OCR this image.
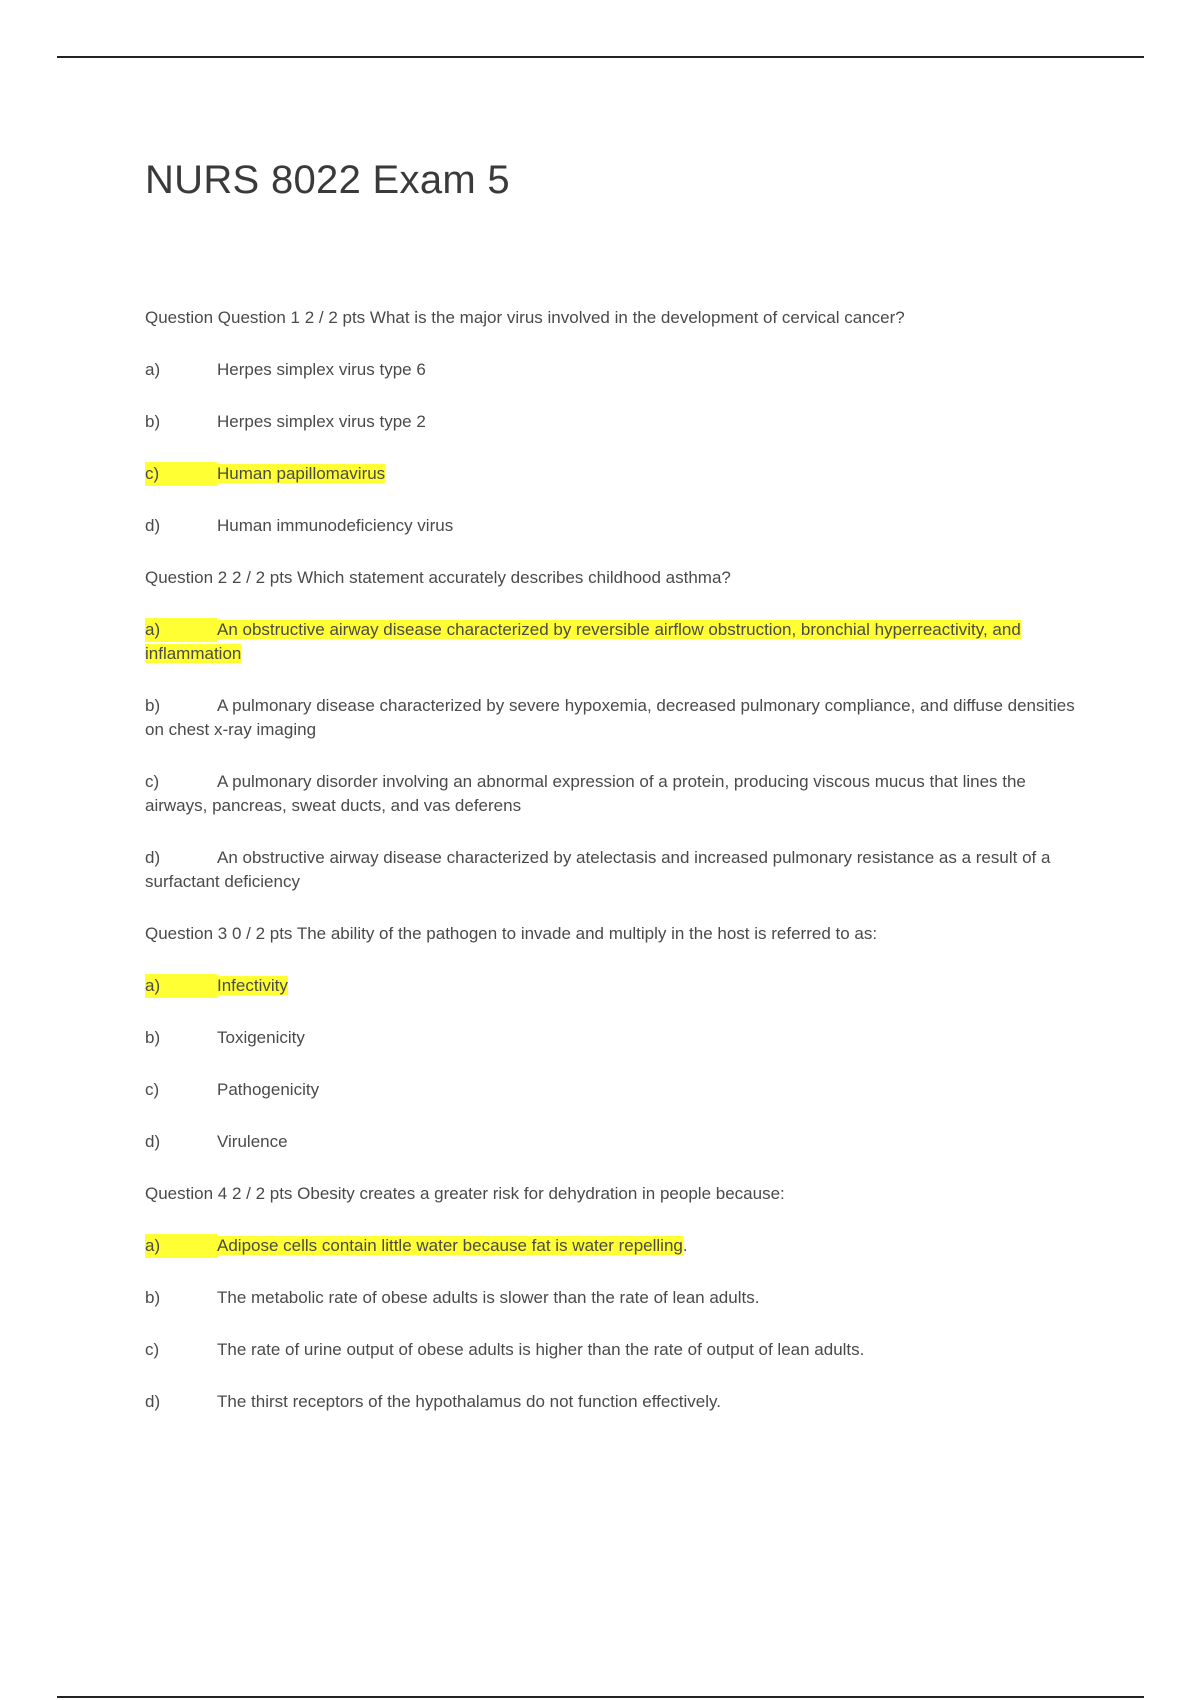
NURS 8022 Exam 5
Question Question 1 2 / 2 pts What is the major virus involved in the development of cervical cancer?
a)	Herpes simplex virus type 6
b)	Herpes simplex virus type 2
c)	Human papillomavirus
d)	Human immunodeficiency virus
Question 2 2 / 2 pts Which statement accurately describes childhood asthma?
a)	An obstructive airway disease characterized by reversible airflow obstruction, bronchial hyperreactivity, and inflammation
b)	A pulmonary disease characterized by severe hypoxemia, decreased pulmonary compliance, and diffuse densities on chest x-ray imaging
c)	A pulmonary disorder involving an abnormal expression of a protein, producing viscous mucus that lines the airways, pancreas, sweat ducts, and vas deferens
d)	An obstructive airway disease characterized by atelectasis and increased pulmonary resistance as a result of a surfactant deficiency
Question 3 0 / 2 pts The ability of the pathogen to invade and multiply in the host is referred to as:
a)	Infectivity
b)	Toxigenicity
c)	Pathogenicity
d)	Virulence
Question 4 2 / 2 pts Obesity creates a greater risk for dehydration in people because:
a)	Adipose cells contain little water because fat is water repelling.
b)	The metabolic rate of obese adults is slower than the rate of lean adults.
c)	The rate of urine output of obese adults is higher than the rate of output of lean adults.
d)	The thirst receptors of the hypothalamus do not function effectively.
